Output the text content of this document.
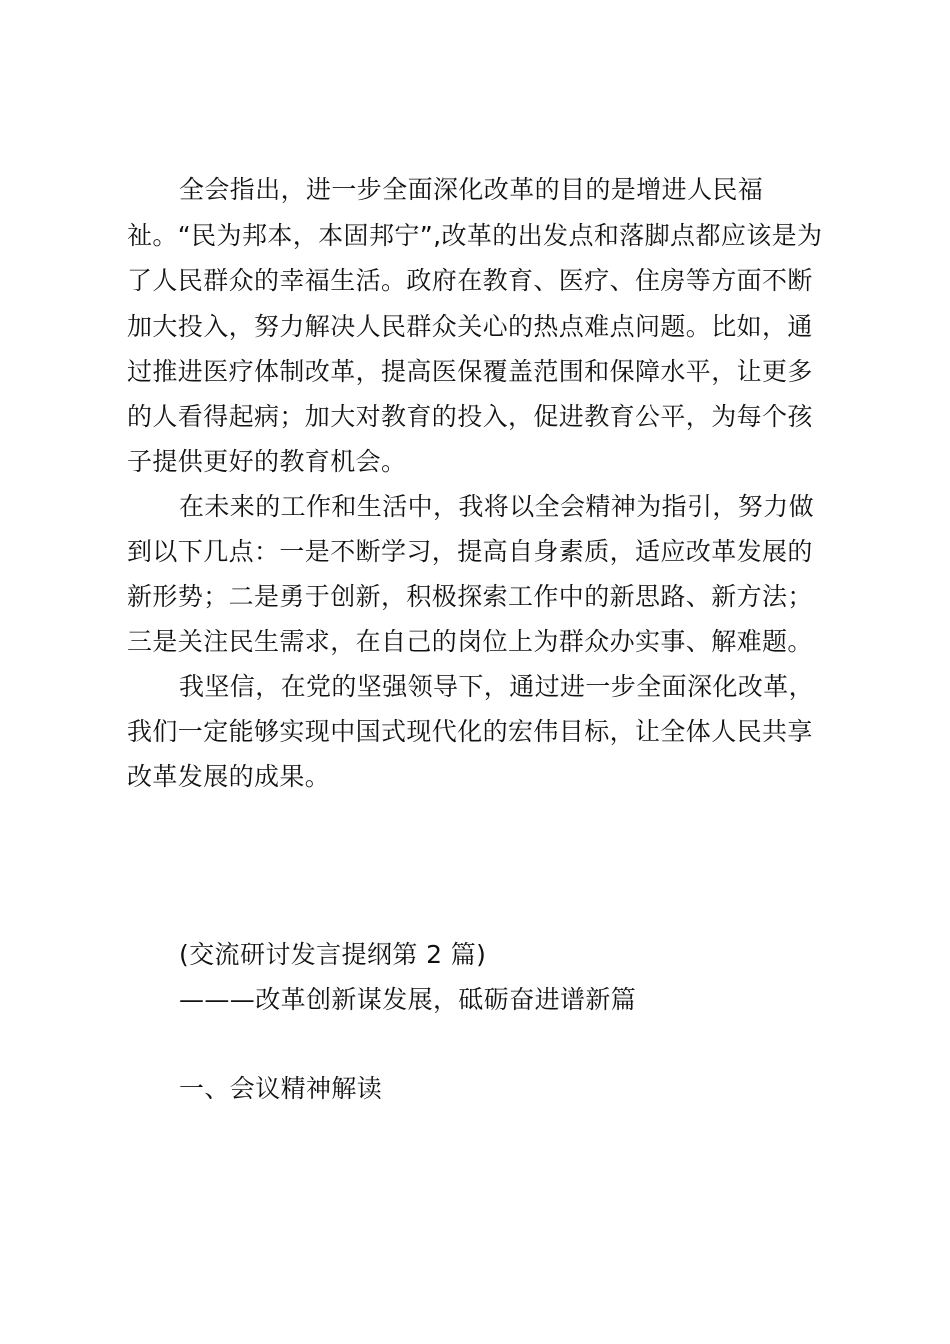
全会指出，进一步全面深化改革的目的是增进人民福
祉。“民为邦本，本固邦宁”,改革的出发点和落脚点都应该是为
了人民群众的幸福生活。政府在教育、医疗、住房等方面不断
加大投入，努力解决人民群众关心的热点难点问题。比如，通
过推进医疗体制改革，提高医保覆盖范围和保障水平，让更多
的人看得起病；加大对教育的投入，促进教育公平，为每个孩
子提供更好的教育机会。
在未来的工作和生活中，我将以全会精神为指引，努力做
到以下几点：一是不断学习，提高自身素质，适应改革发展的
新形势；二是勇于创新，积极探索工作中的新思路、新方法；
三是关注民生需求，在自己的岗位上为群众办实事、解难题。
我坚信，在党的坚强领导下，通过进一步全面深化改革，
我们一定能够实现中国式现代化的宏伟目标，让全体人民共享
改革发展的成果。
(交流研讨发言提纲第 2 篇)
———改革创新谋发展，砥砺奋进谱新篇
一、会议精神解读
